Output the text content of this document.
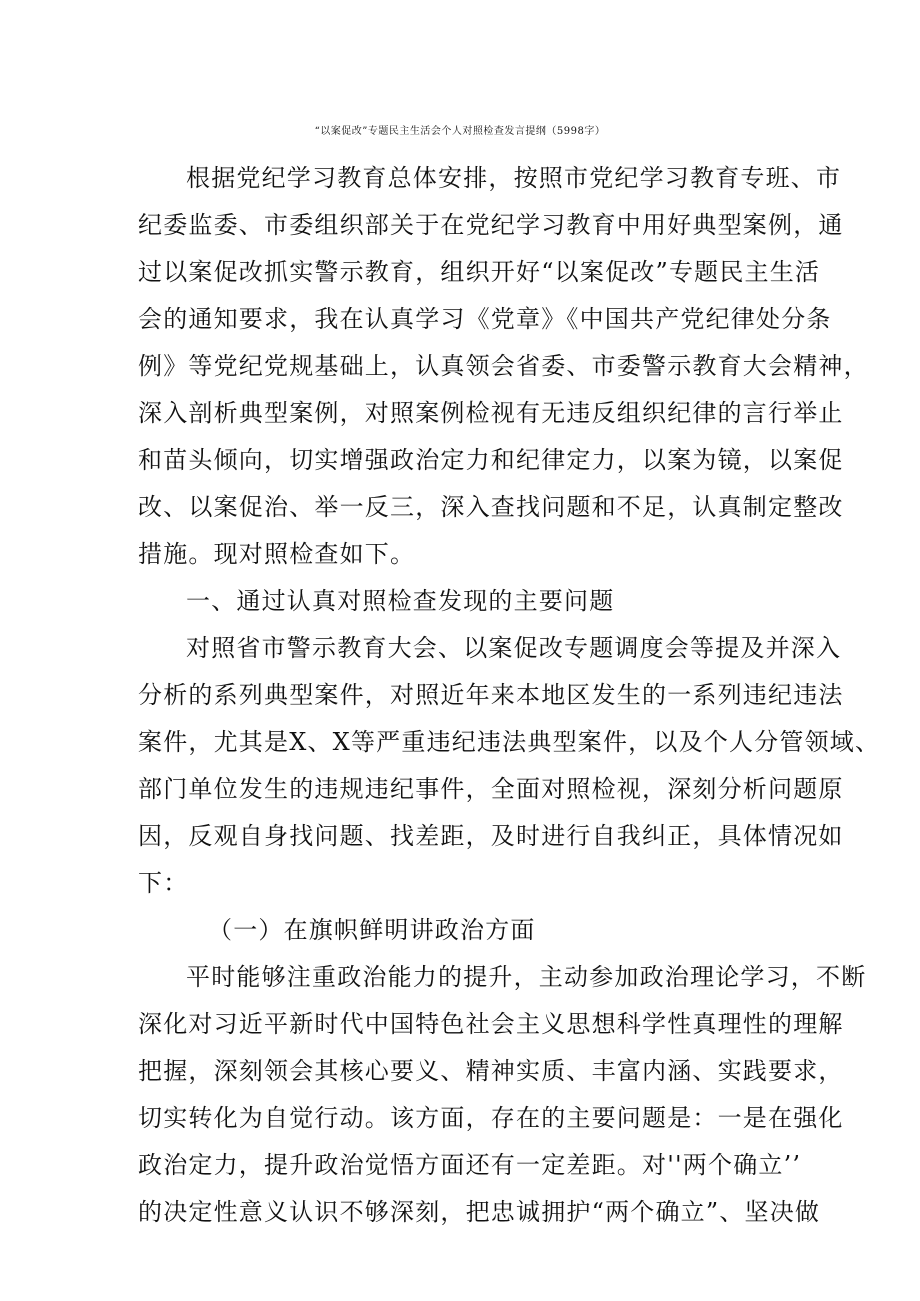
“以案促改”专题民主生活会个人对照检查发言提纲（5998字）
根据党纪学习教育总体安排，按照市党纪学习教育专班、市
纪委监委、市委组织部关于在党纪学习教育中用好典型案例，通
过以案促改抓实警示教育，组织开好“以案促改”专题民主生活
会的通知要求，我在认真学习《党章》《中国共产党纪律处分条
例》等党纪党规基础上，认真领会省委、市委警示教育大会精神，
深入剖析典型案例，对照案例检视有无违反组织纪律的言行举止
和苗头倾向，切实增强政治定力和纪律定力，以案为镜，以案促
改、以案促治、举一反三，深入查找问题和不足，认真制定整改
措施。现对照检查如下。
一、通过认真对照检查发现的主要问题
对照省市警示教育大会、以案促改专题调度会等提及并深入
分析的系列典型案件，对照近年来本地区发生的一系列违纪违法
案件，尤其是X、X等严重违纪违法典型案件，以及个人分管领域、
部门单位发生的违规违纪事件，全面对照检视，深刻分析问题原
因，反观自身找问题、找差距，及时进行自我纠正，具体情况如
下：
（一）在旗帜鲜明讲政治方面
平时能够注重政治能力的提升，主动参加政治理论学习，不断
深化对习近平新时代中国特色社会主义思想科学性真理性的理解
把握，深刻领会其核心要义、精神实质、丰富内涵、实践要求，
切实转化为自觉行动。该方面，存在的主要问题是：一是在强化
政治定力，提升政治觉悟方面还有一定差距。对''两个确立’’
的决定性意义认识不够深刻，把忠诚拥护“两个确立”、坚决做
